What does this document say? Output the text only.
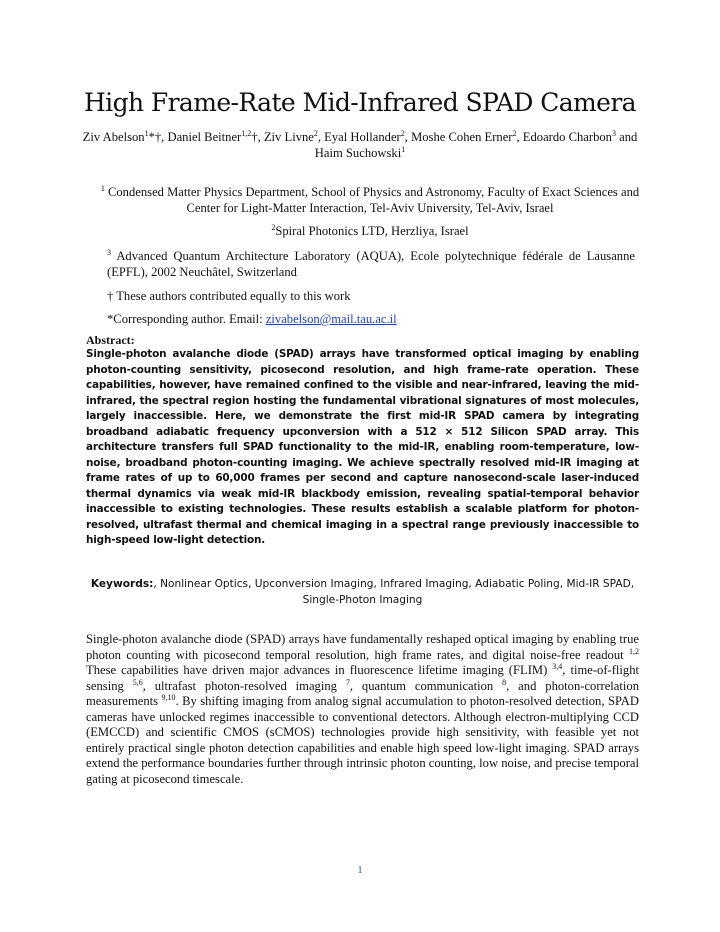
High Frame-Rate Mid-Infrared SPAD Camera
Ziv Abelson$^1$*†, Daniel Beitner$^{1,2}$†, Ziv Livne$^2$, Eyal Hollander$^2$, Moshe Cohen Erner$^2$, Edoardo Charbon$^3$ and Haim Suchowski$^1$
$^1$ Condensed Matter Physics Department, School of Physics and Astronomy, Faculty of Exact Sciences and Center for Light-Matter Interaction, Tel-Aviv University, Tel-Aviv, Israel
$^2$Spiral Photonics LTD, Herzliya, Israel
$^3$ Advanced Quantum Architecture Laboratory (AQUA), Ecole polytechnique fédérale de Lausanne (EPFL), 2002 Neuchâtel, Switzerland
† These authors contributed equally to this work
*Corresponding author. Email: zivabelson@mail.tau.ac.il
Abstract:
Single-photon avalanche diode (SPAD) arrays have transformed optical imaging by enabling photon-counting sensitivity, picosecond resolution, and high frame-rate operation. These capabilities, however, have remained confined to the visible and near-infrared, leaving the mid-infrared, the spectral region hosting the fundamental vibrational signatures of most molecules, largely inaccessible. Here, we demonstrate the first mid-IR SPAD camera by integrating broadband adiabatic frequency upconversion with a 512 × 512 Silicon SPAD array. This architecture transfers full SPAD functionality to the mid-IR, enabling room-temperature, low-noise, broadband photon-counting imaging. We achieve spectrally resolved mid-IR imaging at frame rates of up to 60,000 frames per second and capture nanosecond-scale laser-induced thermal dynamics via weak mid-IR blackbody emission, revealing spatial-temporal behavior inaccessible to existing technologies. These results establish a scalable platform for photon-resolved, ultrafast thermal and chemical imaging in a spectral range previously inaccessible to high-speed low-light detection.
Keywords:, Nonlinear Optics, Upconversion Imaging, Infrared Imaging, Adiabatic Poling, Mid-IR SPAD, Single-Photon Imaging
Single-photon avalanche diode (SPAD) arrays have fundamentally reshaped optical imaging by enabling true photon counting with picosecond temporal resolution, high frame rates, and digital noise-free readout $^{1,2}$ These capabilities have driven major advances in fluorescence lifetime imaging (FLIM) $^{3,4}$, time-of-flight sensing $^{5,6}$, ultrafast photon-resolved imaging $^7$, quantum communication $^8$, and photon-correlation measurements $^{9,10}$. By shifting imaging from analog signal accumulation to photon-resolved detection, SPAD cameras have unlocked regimes inaccessible to conventional detectors. Although electron-multiplying CCD (EMCCD) and scientific CMOS (sCMOS) technologies provide high sensitivity, with feasible yet not entirely practical single photon detection capabilities and enable high speed low-light imaging. SPAD arrays extend the performance boundaries further through intrinsic photon counting, low noise, and precise temporal gating at picosecond timescale.
1
